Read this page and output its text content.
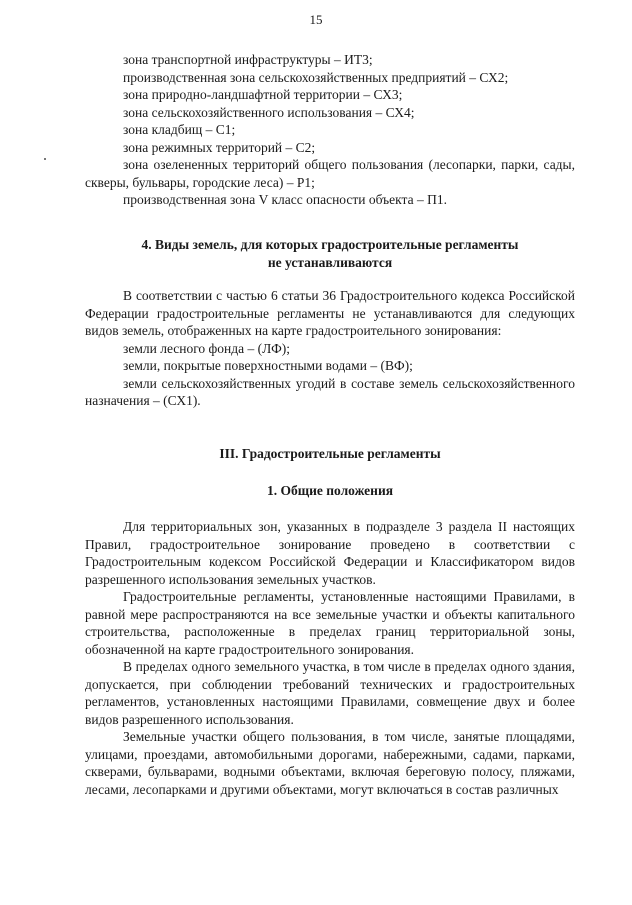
15
зона транспортной инфраструктуры – ИТ3;
производственная зона сельскохозяйственных предприятий – СХ2;
зона природно-ландшафтной территории – СХ3;
зона сельскохозяйственного использования – СХ4;
зона кладбищ – С1;
зона режимных территорий – С2;
зона озелененных территорий общего пользования (лесопарки, парки, сады, скверы, бульвары, городские леса) – Р1;
производственная зона V класс опасности объекта – П1.
4. Виды земель, для которых градостроительные регламенты
не устанавливаются

В соответствии с частью 6 статьи 36 Градостроительного кодекса Российской Федерации градостроительные регламенты не устанавливаются для следующих видов земель, отображенных на карте градостроительного зонирования:

земли лесного фонда – (ЛФ);

земли, покрытые поверхностными водами – (ВФ);

земли сельскохозяйственных угодий в составе земель сельскохозяйственного назначения – (СХ1).

III. Градостроительные регламенты
1. Общие положения

Для территориальных зон, указанных в подразделе 3 раздела II настоящих Правил, градостроительное зонирование проведено в соответствии с Градостроительным кодексом Российской Федерации и Классификатором видов разрешенного использования земельных участков.

Градостроительные регламенты, установленные настоящими Правилами, в равной мере распространяются на все земельные участки и объекты капитального строительства, расположенные в пределах границ территориальной зоны, обозначенной на карте градостроительного зонирования.

В пределах одного земельного участка, в том числе в пределах одного здания, допускается, при соблюдении требований технических и градостроительных регламентов, установленных настоящими Правилами, совмещение двух и более видов разрешенного использования.

Земельные участки общего пользования, в том числе, занятые площадями, улицами, проездами, автомобильными дорогами, набережными, садами, парками, скверами, бульварами, водными объектами, включая береговую полосу, пляжами, лесами, лесопарками и другими объектами, могут включаться в состав различных
